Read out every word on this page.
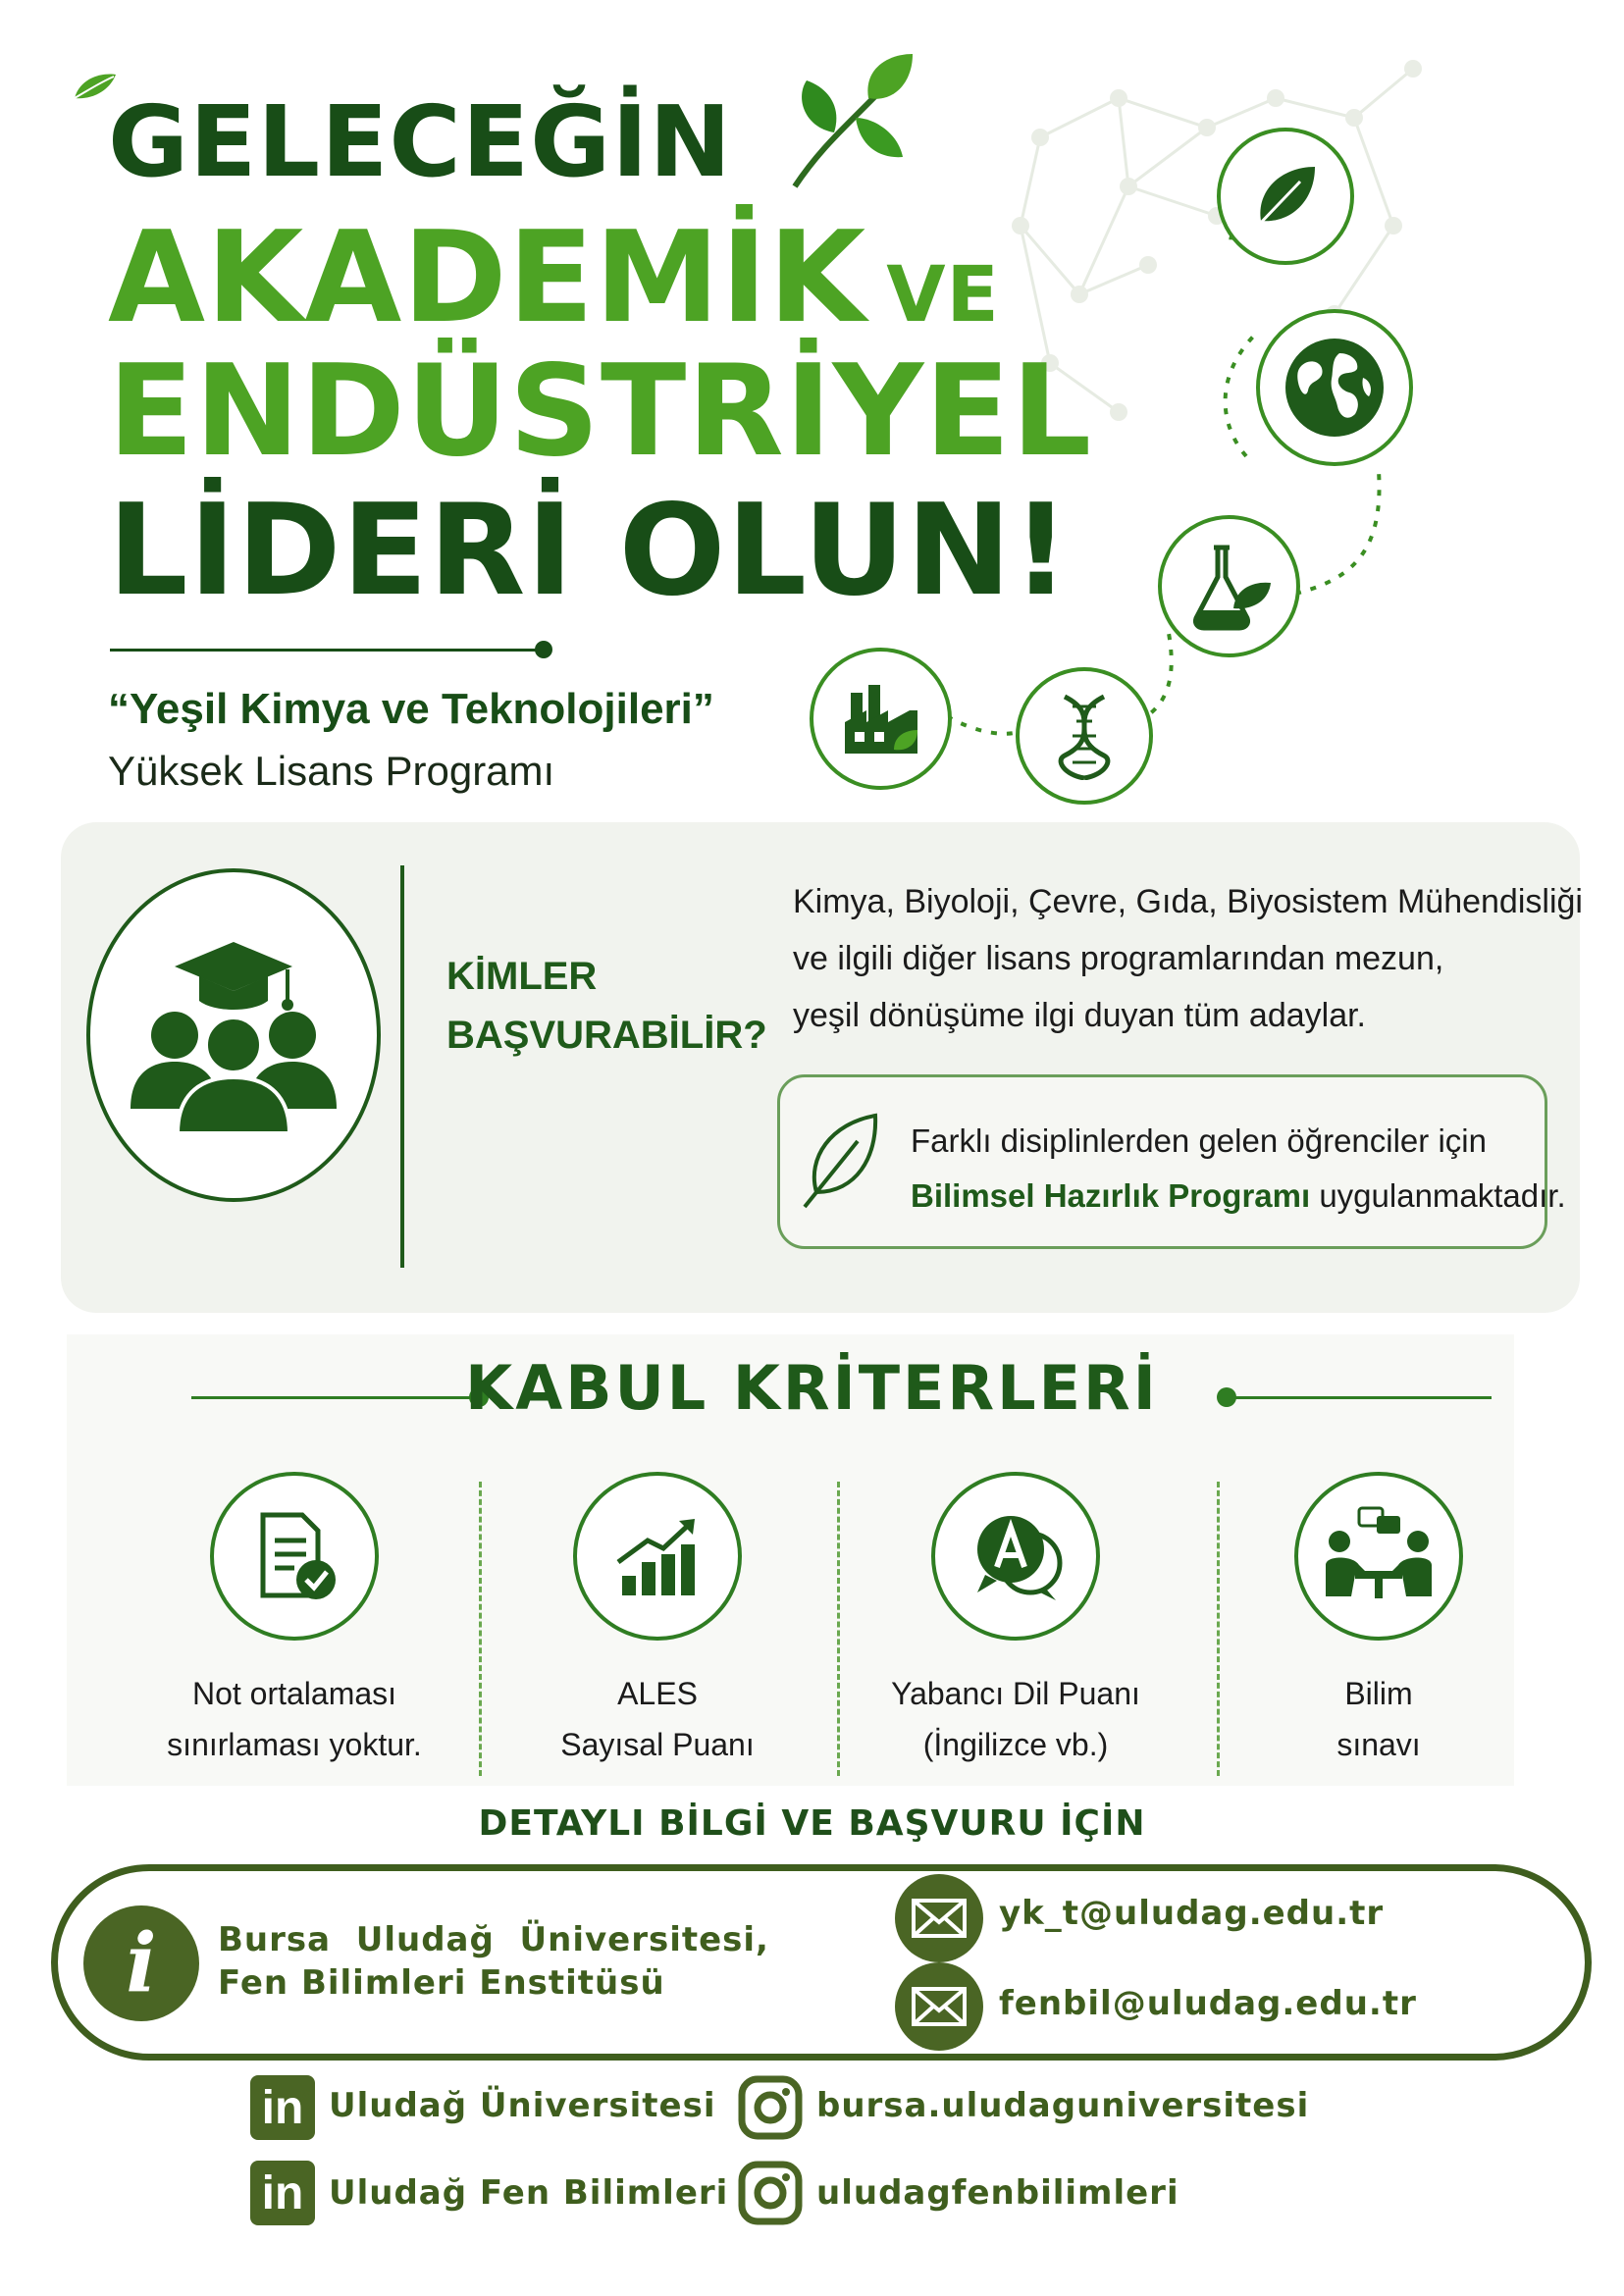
GELECEĞİN
AKADEMİK VE
ENDÜSTRİYEL
LİDERİ OLUN!
“Yeşil Kimya ve Teknolojileri”
Yüksek Lisans Programı
KİMLER
BAŞVURABİLİR?
Kimya, Biyoloji, Çevre, Gıda, Biyosistem Mühendisliği
ve ilgili diğer lisans programlarından mezun,
yeşil dönüşüme ilgi duyan tüm adaylar.
Farklı disiplinlerden gelen öğrenciler için
Bilimsel Hazırlık Programı uygulanmaktadır.
KABUL KRİTERLERİ
Not ortalaması
sınırlaması yoktur.
ALES
Sayısal Puanı
Yabancı Dil Puanı
(İngilizce vb.)
Bilim
sınavı
DETAYLI BİLGİ VE BAŞVURU İÇİN
i	Bursa  Uludağ  Üniversitesi,
Fen Bilimleri Enstitüsü
yk_t@uludag.edu.tr
fenbil@uludag.edu.tr
in Uludağ Üniversitesi
in Uludağ Fen Bilimleri
bursa.uludaguniversitesi
uludagfenbilimleri
